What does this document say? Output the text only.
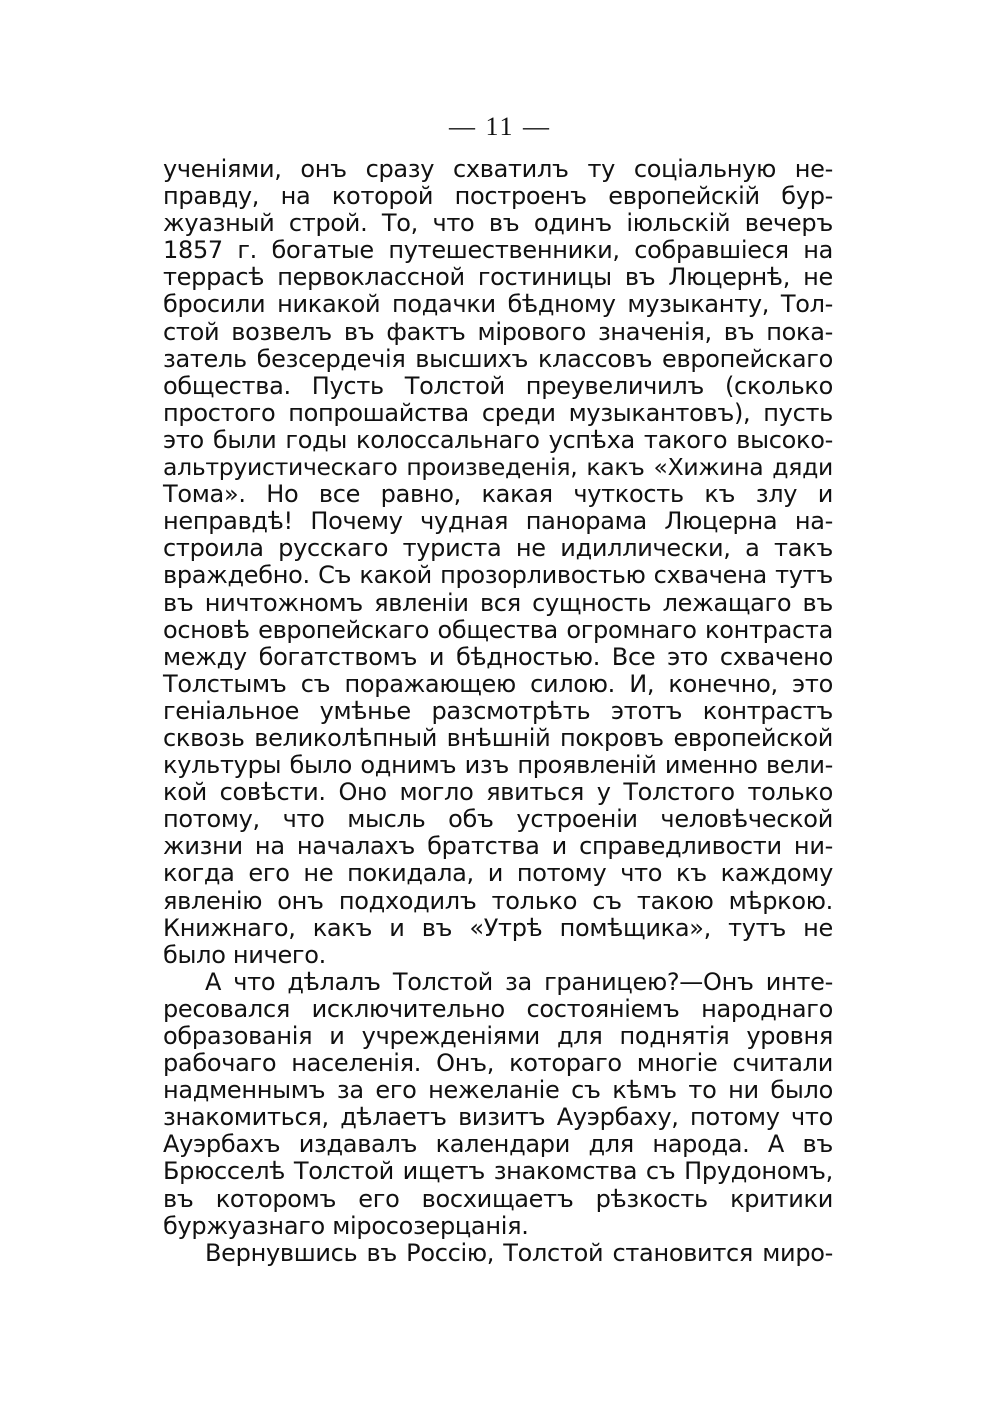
— 11 —
ученiями, онъ сразу схватилъ ту соцiальную не-
правду, на которой построенъ европейскiй бур-
жуазный строй. То, что въ одинъ iюльскiй вечеръ
1857 г. богатые путешественники, собравшiеся на
террасѣ первоклассной гостиницы въ Люцернѣ, не
бросили никакой подачки бѣдному музыканту, Тол-
стой возвелъ въ фактъ мiрового значенiя, въ пока-
затель безсердечiя высшихъ классовъ европейскаго
общества. Пусть Толстой преувеличилъ (сколько
простого попрошайства среди музыкантовъ), пусть
это были годы колоссальнаго успѣха такого высоко-
альтруистическаго произведенiя, какъ «Хижина дяди
Тома». Но все равно, какая чуткость къ злу и
неправдѣ! Почему чудная панорама Люцерна на-
строила русскаго туриста не идиллически, а такъ
враждебно. Съ какой прозорливостью схвачена тутъ
въ ничтожномъ явленiи вся сущность лежащаго въ
основѣ европейскаго общества огромнаго контраста
между богатствомъ и бѣдностью. Все это схвачено
Толстымъ съ поражающею силою. И, конечно, это
генiальное умѣнье разсмотрѣть этотъ контрастъ
сквозь великолѣпный внѣшнiй покровъ европейской
культуры было однимъ изъ проявленiй именно вели-
кой совѣсти. Оно могло явиться у Толстого только
потому, что мысль объ устроенiи человѣческой
жизни на началахъ братства и справедливости ни-
когда его не покидала, и потому что къ каждому
явленiю онъ подходилъ только съ такою мѣркою.
Книжнаго, какъ и въ «Утрѣ помѣщика», тутъ не
было ничего.
А что дѣлалъ Толстой за границею?—Онъ инте-
ресовался исключительно состоянiемъ народнаго
образованiя и учрежденiями для поднятiя уровня
рабочаго населенiя. Онъ, котораго многiе считали
надменнымъ за его нежеланiе съ кѣмъ то ни было
знакомиться, дѣлаетъ визитъ Ауэрбаху, потому что
Ауэрбахъ издавалъ календари для народа. А въ
Брюсселѣ Толстой ищетъ знакомства съ Прудономъ,
въ которомъ его восхищаетъ рѣзкость критики
буржуазнаго мiросозерцанiя.
Вернувшись въ Россiю, Толстой становится миро-
